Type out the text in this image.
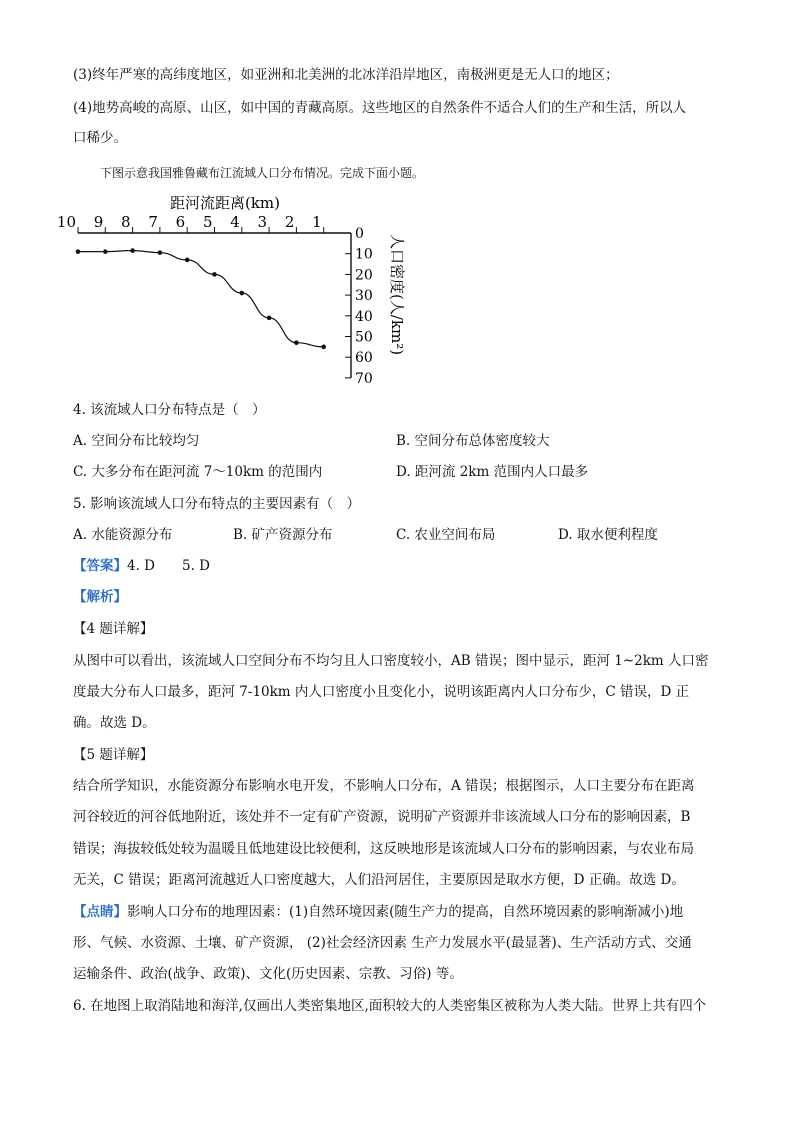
(3)终年严寒的高纬度地区，如亚洲和北美洲的北冰洋沿岸地区，南极洲更是无人口的地区；
(4)地势高峻的高原、山区，如中国的青藏高原。这些地区的自然条件不适合人们的生产和生活，所以人
口稀少。
下图示意我国雅鲁藏布江流域人口分布情况。完成下面小题。
距河流距离(km)
10 9 8 7 6 5 4 3 2 1
0
10
20
30
40
50
60
70
人口密度(人/km²)
4. 该流域人口分布特点是（　）
A. 空间分布比较均匀	B. 空间分布总体密度较大
C. 大多分布在距河流 7～10km 的范围内	D. 距河流 2km 范围内人口最多
5. 影响该流域人口分布特点的主要因素有（　）
A. 水能资源分布	B. 矿产资源分布	C. 农业空间布局	D. 取水便利程度
【答案】4. D　　5. D
【解析】
【4 题详解】
从图中可以看出，该流域人口空间分布不均匀且人口密度较小，AB 错误；图中显示，距河 1~2km 人口密
度最大分布人口最多，距河 7-10km 内人口密度小且变化小，说明该距离内人口分布少，C 错误，D 正
确。故选 D。
【5 题详解】
结合所学知识，水能资源分布影响水电开发，不影响人口分布，A 错误；根据图示，人口主要分布在距离
河谷较近的河谷低地附近，该处并不一定有矿产资源，说明矿产资源并非该流域人口分布的影响因素，B
错误；海拔较低处较为温暖且低地建设比较便利，这反映地形是该流域人口分布的影响因素，与农业布局
无关，C 错误；距离河流越近人口密度越大，人们沿河居住，主要原因是取水方便，D 正确。故选 D。
【点睛】影响人口分布的地理因素：(1)自然环境因素(随生产力的提高，自然环境因素的影响渐减小)地
形、气候、水资源、土壤、矿产资源， (2)社会经济因素 生产力发展水平(最显著)、生产活动方式、交通
运输条件、政治(战争、政策)、文化(历史因素、宗教、习俗) 等。
6. 在地图上取消陆地和海洋,仅画出人类密集地区,面积较大的人类密集区被称为人类大陆。世界上共有四个
